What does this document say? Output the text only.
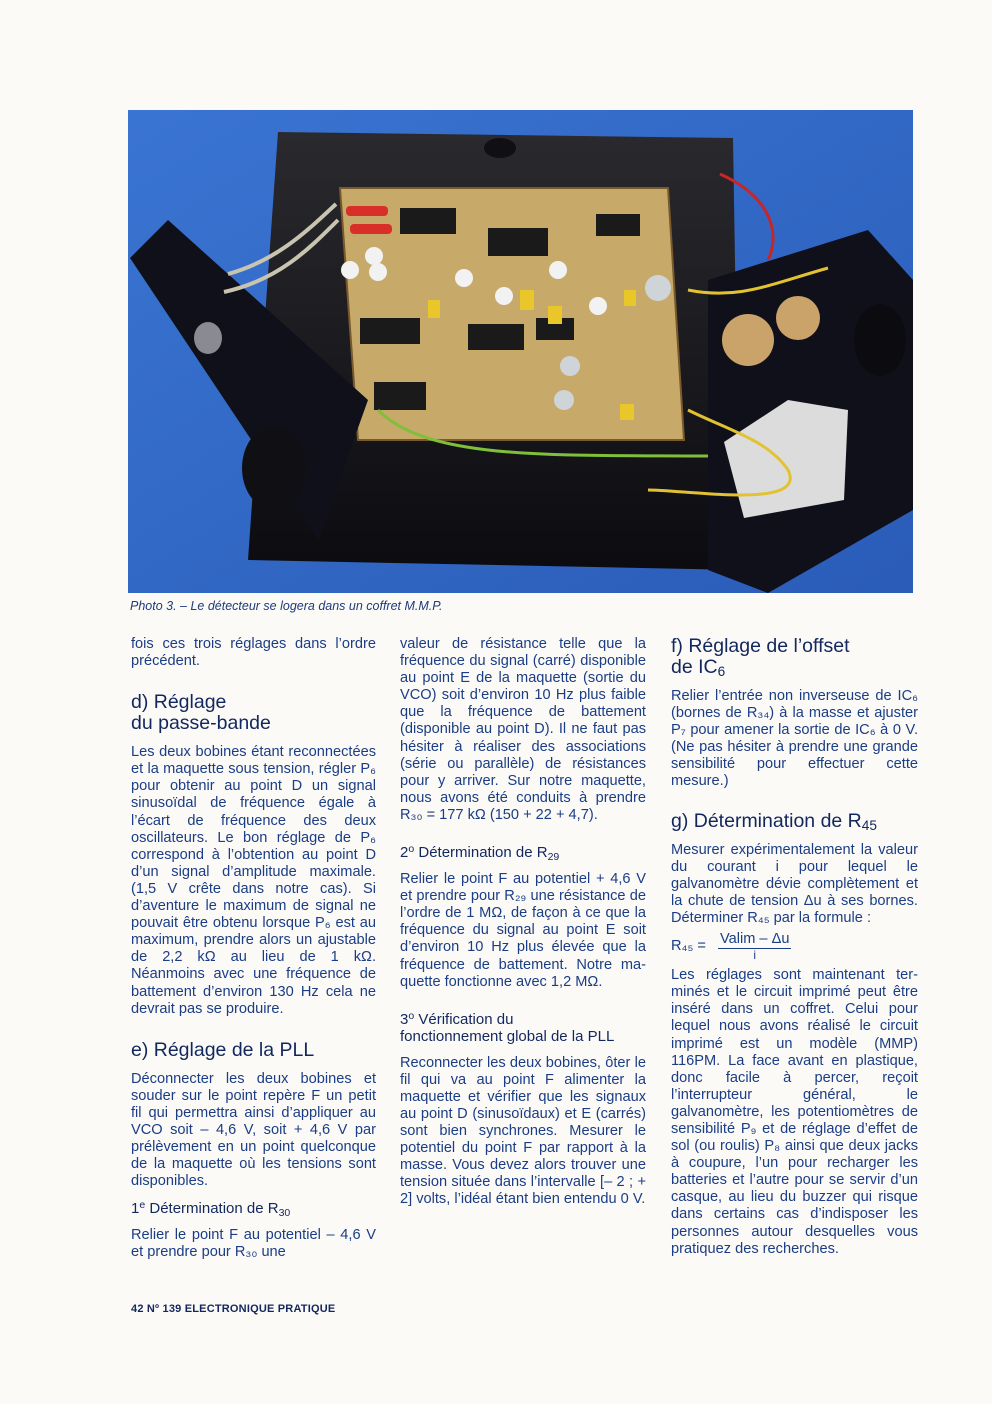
Photo 3. – Le détecteur se logera dans un coffret M.M.P.

fois ces trois réglages dans l’ordre précédent.

d) Réglage
du passe-bande

Les deux bobines étant reconnectées et la maquette sous tension, régler P₆ pour obtenir au point D un signal sinusoïdal de fréquence égale à l’écart de fréquence des deux oscillateurs. Le bon réglage de P₆ correspond à l’obtention au point D d’un signal d’amplitude maximale. (1,5 V crête dans notre cas). Si d’aventure le maximum de signal ne pouvait être obtenu lorsque P₆ est au maximum, prendre alors un ajustable de 2,2 kΩ au lieu de 1 kΩ. Néanmoins avec une fréquence de battement d’environ 130 Hz cela ne devrait pas se produire.

e) Réglage de la PLL

Déconnecter les deux bobines et souder sur le point repère F un petit fil qui permettra ainsi d’appliquer au VCO soit – 4,6 V, soit + 4,6 V par prélèvement en un point quelconque de la maquette où les tensions sont disponibles.

1e Détermination de $R_{30}$

Relier le point F au potentiel – 4,6 V et prendre pour R₃₀ une

valeur de résistance telle que la fréquence du signal (carré) disponible au point E de la maquette (sortie du VCO) soit d’environ 10 Hz plus faible que la fréquence de battement (disponible au point D). Il ne faut pas hésiter à réaliser des associations (série ou parallèle) de résistances pour y arriver. Sur notre maquette, nous avons été conduits à prendre R₃₀ = 177 kΩ (150 + 22 + 4,7).

2$^o$ Détermination de $R_{29}$

Relier le point F au potentiel + 4,6 V et prendre pour R₂₉ une résistance de l’ordre de 1 MΩ, de façon à ce que la fréquence du signal au point E soit d’environ 10 Hz plus élevée que la fréquence de battement. Notre maquette fonctionne avec 1,2 MΩ.

3$^o$ Vérification du
fonctionnement global de la PLL

Reconnecter les deux bobines, ôter le fil qui va au point F alimenter la maquette et vérifier que les signaux au point D (sinusoïdaux) et E (carrés) sont bien synchrones. Mesurer le potentiel du point F par rapport à la masse. Vous devez alors trouver une tension située dans l’intervalle [– 2 ; + 2] volts, l’idéal étant bien entendu 0 V.

f) Réglage de l’offset
de $IC_6$

Relier l’entrée non inverseuse de IC₆ (bornes de R₃₄) à la masse et ajuster P₇ pour amener la sortie de IC₆ à 0 V. (Ne pas hésiter à prendre une grande sensibilité pour effectuer cette mesure.)

g) Détermination de $R_{45}$

Mesurer expérimentalement la valeur du courant i pour lequel le galvanomètre dévie complètement et la chute de tension Δu à ses bornes. Déterminer R₄₅ par la formule :

$R_{45} = \frac{Valim - \Delta u}{i}$

Les réglages sont maintenant terminés et le circuit imprimé peut être inséré dans un coffret. Celui pour lequel nous avons réalisé le circuit imprimé est un modèle (MMP) 116PM. La face avant en plastique, donc facile à percer, reçoit l’interrupteur général, le galvanomètre, les potentiomètres de sensibilité P₉ et de réglage d’effet de sol (ou roulis) P₈ ainsi que deux jacks à coupure, l’un pour recharger les batteries et l’autre pour se servir d’un casque, au lieu du buzzer qui risque dans certains cas d’indisposer les personnes autour desquelles vous pratiquez des recherches.

42 Nº 139 ELECTRONIQUE PRATIQUE
